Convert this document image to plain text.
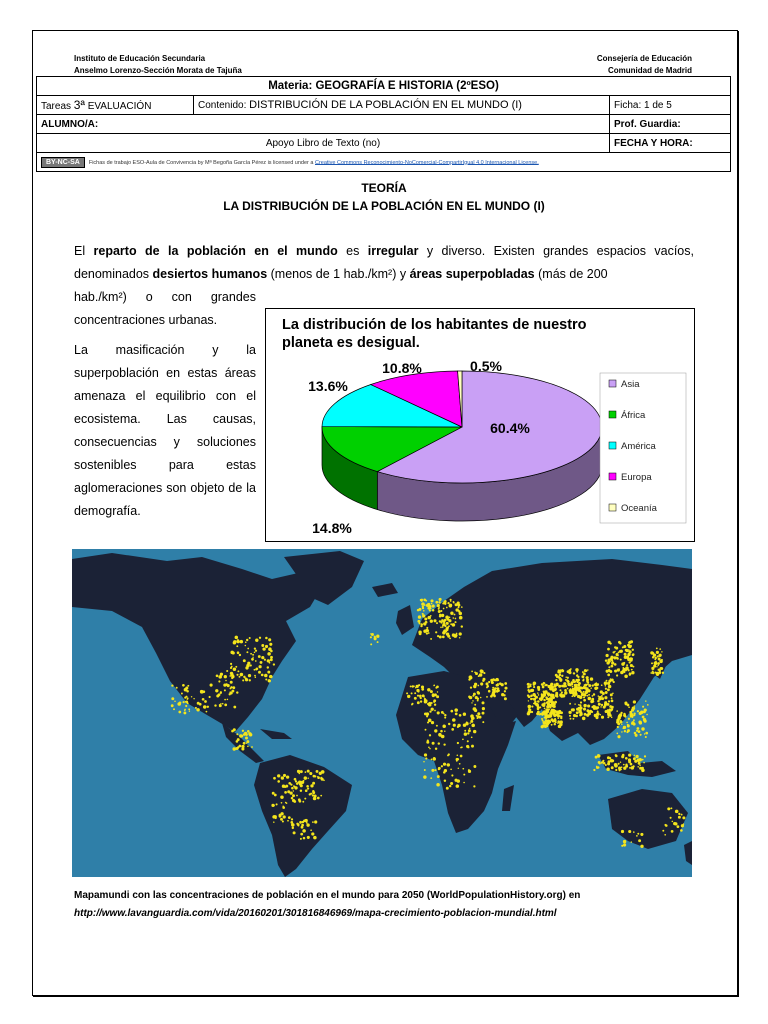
Instituto de Educación Secundaria
Anselmo Lorenzo-Sección Morata de Tajuña
Consejería de Educación
Comunidad de Madrid
Materia: GEOGRAFÍA E HISTORIA (2ºESO)		
Tareas 3ª EVALUACIÓN	Contenido: DISTRIBUCIÓN DE LA POBLACIÓN EN EL MUNDO (I)	Ficha: 1 de 5
ALUMNO/A:		Prof. Guardia:
Apoyo Libro de Texto (no)		FECHA Y HORA:
BY-NC-SA Fichas de trabajo ESO-Aula de Convivencia by Mª Begoña García Pérez is licensed under a Creative Commons Reconocimiento-NoComercial-CompartirIgual 4.0 Internacional License.		
TEORÍA
LA DISTRIBUCIÓN DE LA POBLACIÓN EN EL MUNDO (I)
El reparto de la población en el mundo es irregular y diverso. Existen grandes espacios vacíos, denominados desiertos humanos (menos de 1 hab./km²) y áreas superpobladas (más de 200
hab./km²) o con grandes concentraciones urbanas.
La masificación y la superpoblación en estas áreas amenaza el equilibrio con el ecosistema. Las causas, consecuencias y soluciones sostenibles para estas aglomeraciones son objeto de la demografía.
La distribución de los habitantes de nuestro
planeta es desigual.
60.4%
14.8%
13.6%
10.8%	0.5%
Asia
África
América
Europa
Oceanía
Mapamundi con las concentraciones de población en el mundo para 2050 (WorldPopulationHistory.org) en
http://www.lavanguardia.com/vida/20160201/301816846969/mapa-crecimiento-poblacion-mundial.html
